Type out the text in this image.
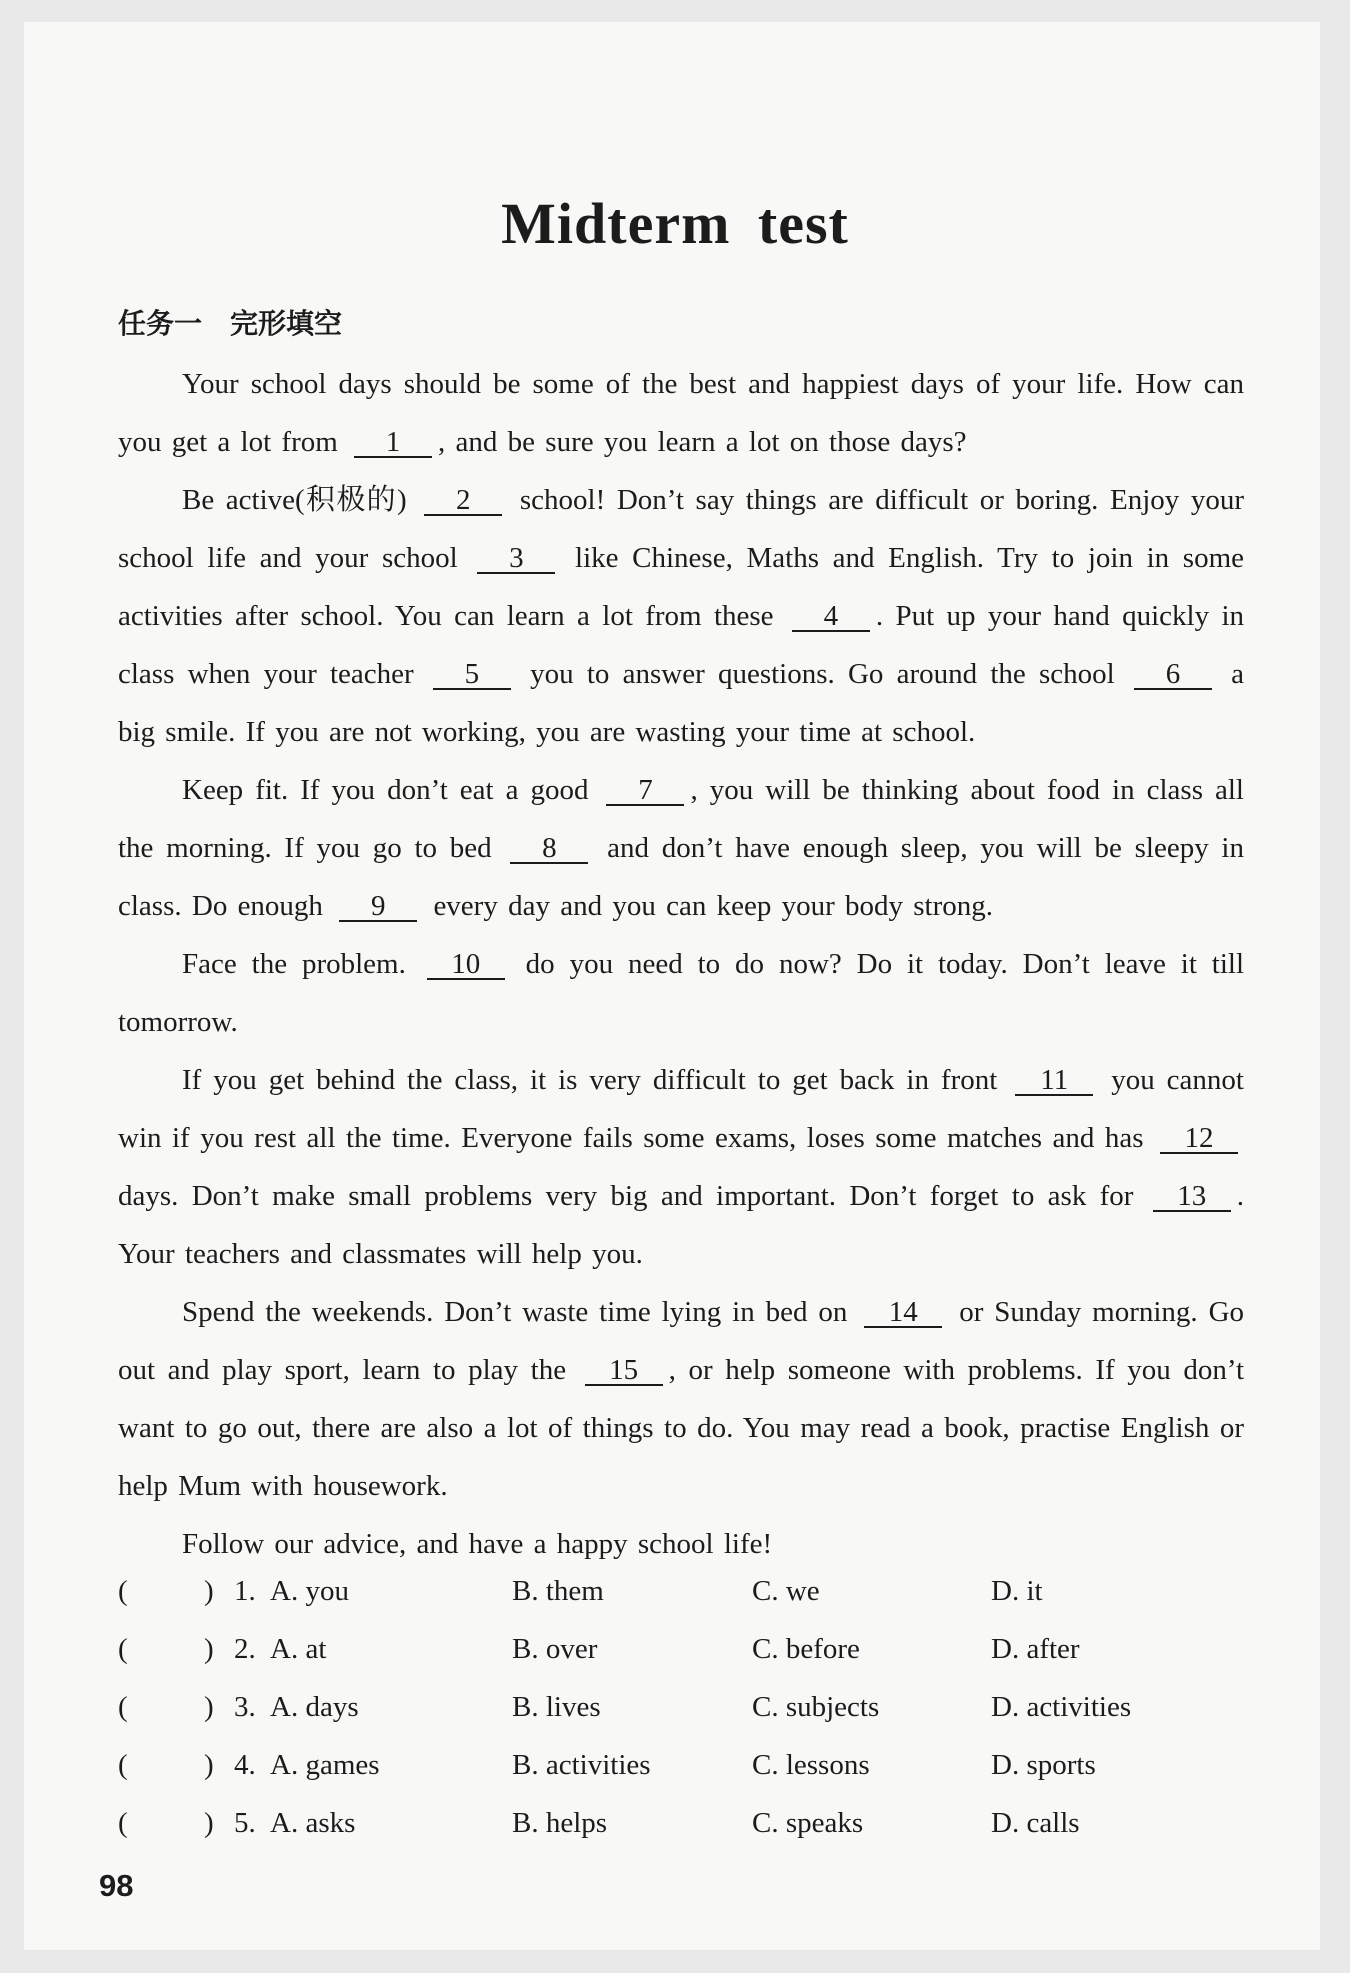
Midterm test
任务一　完形填空

Your school days should be some of the best and happiest days of your life. How can you get a lot from 1 , and be sure you learn a lot on those days?

Be active(积极的) 2 school! Don’t say things are difficult or boring. Enjoy your school life and your school 3 like Chinese, Maths and English. Try to join in some activities after school. You can learn a lot from these 4 . Put up your hand quickly in class when your teacher 5 you to answer questions. Go around the school 6 a big smile. If you are not working, you are wasting your time at school.

Keep fit. If you don’t eat a good 7 , you will be thinking about food in class all the morning. If you go to bed 8 and don’t have enough sleep, you will be sleepy in class. Do enough 9 every day and you can keep your body strong.

Face the problem. 10 do you need to do now? Do it today. Don’t leave it till tomorrow.

If you get behind the class, it is very difficult to get back in front 11 you cannot win if you rest all the time. Everyone fails some exams, loses some matches and has 12 days. Don’t make small problems very big and important. Don’t forget to ask for 13 . Your teachers and classmates will help you.

Spend the weekends. Don’t waste time lying in bed on 14 or Sunday morning. Go out and play sport, learn to play the 15 , or help someone with problems. If you don’t want to go out, there are also a lot of things to do. You may read a book, practise English or help Mum with housework.

Follow our advice, and have a happy school life!

(	) 1. A. you	B. them	C. we	D. it
(	) 2. A. at	B. over	C. before	D. after
(	) 3. A. days	B. lives	C. subjects	D. activities
(	) 4. A. games	B. activities	C. lessons	D. sports
(	) 5. A. asks	B. helps	C. speaks	D. calls
98
